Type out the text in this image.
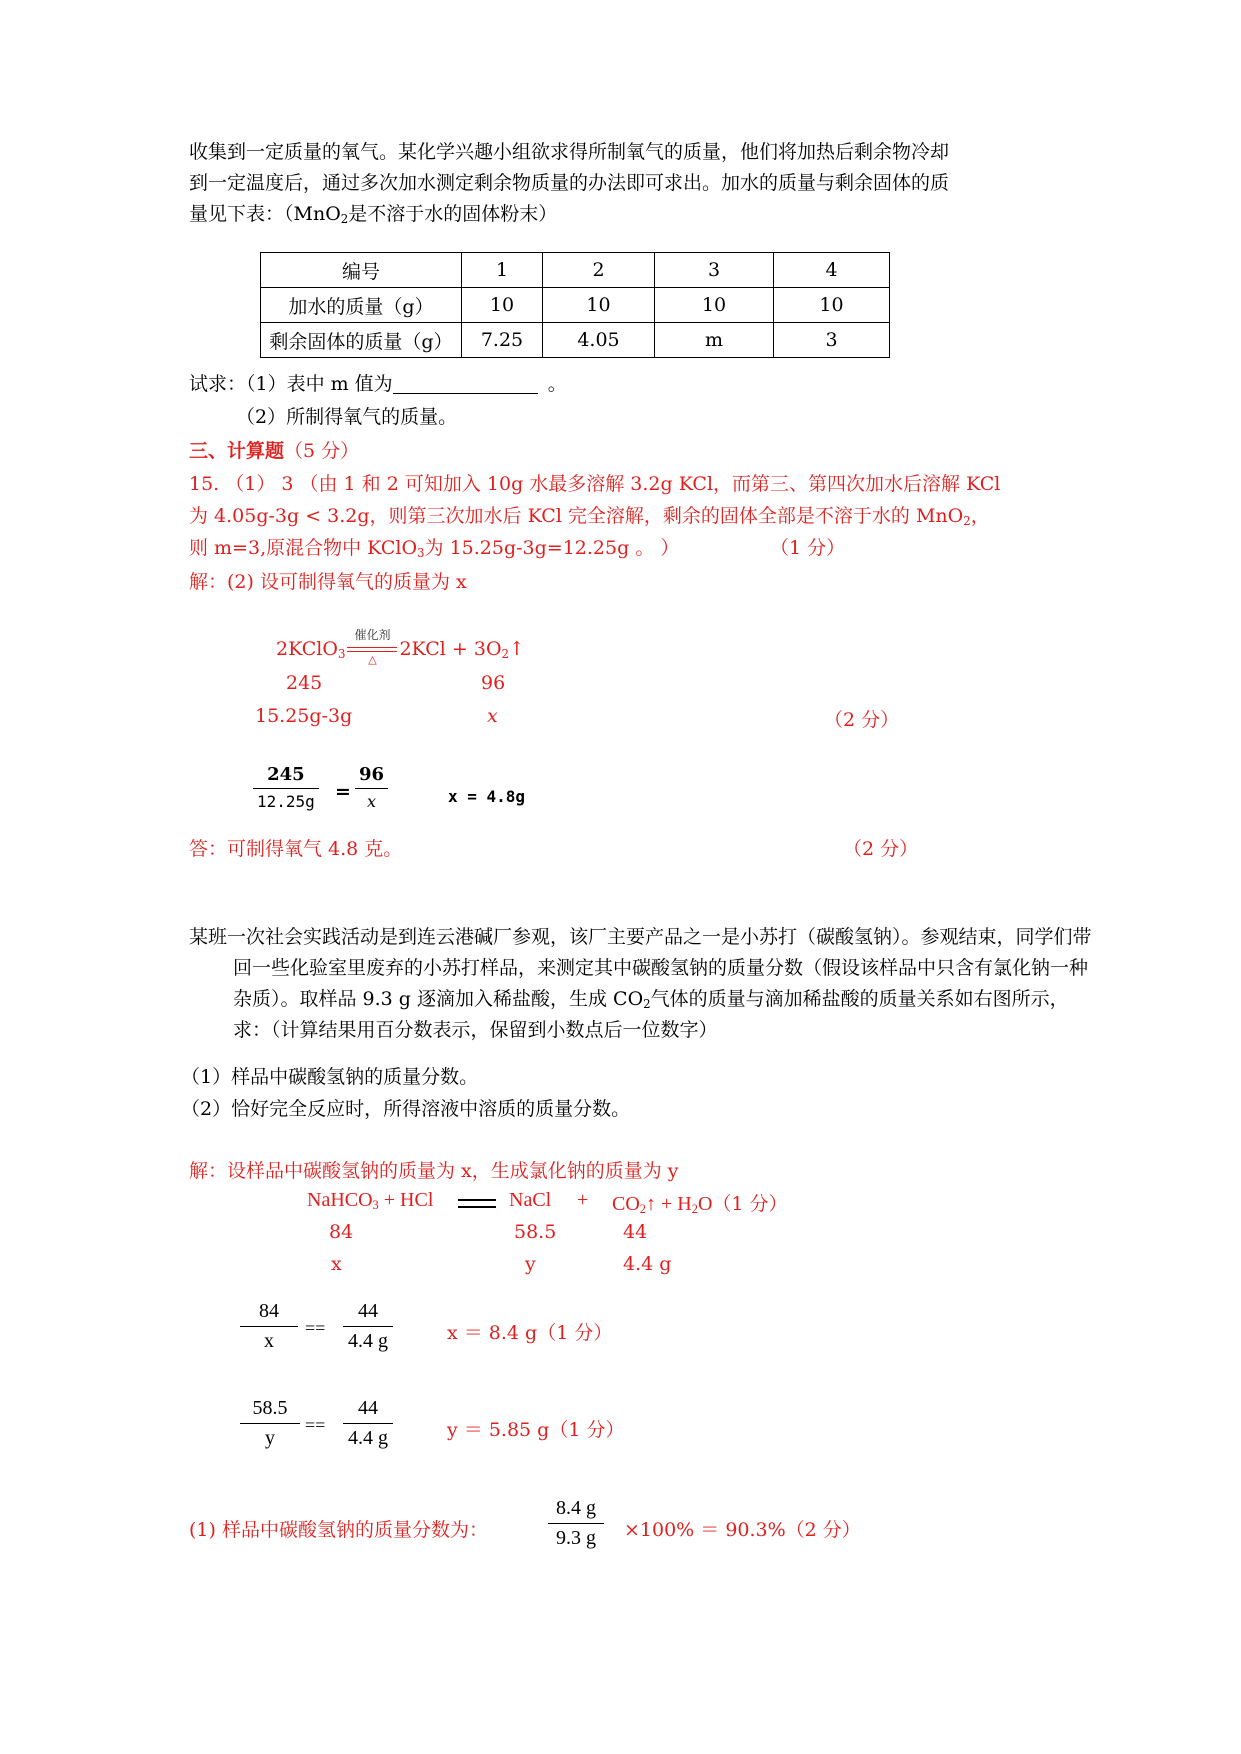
收集到一定质量的氧气。某化学兴趣小组欲求得所制氧气的质量，他们将加热后剩余物冷却
到一定温度后，通过多次加水测定剩余物质量的办法即可求出。加水的质量与剩余固体的质
量见下表：（MnO$_2$是不溶于水的固体粉末）
编号	1	2	3	4
加水的质量（g）	10	10	10	10
剩余固体的质量（g）	7.25	4.05	m	3
试求：（1）表中 m 值为	。
（2）所制得氧气的质量。
三、计算题（5 分）
15. （1） 3 （由 1 和 2 可知加入 10g 水最多溶解 3.2g KCl，而第三、第四次加水后溶解 KCl
为 4.05g-3g < 3.2g，则第三次加水后 KCl 完全溶解，剩余的固体全部是不溶于水的 MnO$_2$，
则 m=3,原混合物中 KClO$_3$为 15.25g-3g=12.25g 。 ）	（1 分）
解：(2) 设可制得氧气的质量为 x
2KClO$_3$
催化剂
△	$2KCl + 3O_2↑$
245	96
15.25g-3g	x	（2 分）
245
12.25g =
96
x	x = 4.8g
答：可制得氧气 4.8 克。	（2 分）
某班一次社会实践活动是到连云港碱厂参观，该厂主要产品之一是小苏打（碳酸氢钠）。参观结束，同学们带回一些化验室里废弃的小苏打样品，来测定其中碳酸氢钠的质量分数（假设该样品中只含有氯化钠一种杂质）。取样品 9.3 g 逐滴加入稀盐酸，生成 $CO_2$气体的质量与滴加稀盐酸的质量关系如右图所示，求：（计算结果用百分数表示，保留到小数点后一位数字）
（1）样品中碳酸氢钠的质量分数。
（2）恰好完全反应时，所得溶液中溶质的质量分数。
解：设样品中碳酸氢钠的质量为 x，生成氯化钠的质量为 y
NaHCO$_3$ + HCl	NaCl + $CO_2↑ + H_2O(1$ 分）
84	58.5	44
x	y	4.4 g
84
x
==
44
4.4 g	x ＝ 8.4 g（1 分）
58.5
y
==
44
4.4 g	y ＝ 5.85 g（1 分）
(1) 样品中碳酸氢钠的质量分数为：
8.4 g
9.3 g	×100% ＝ 90.3%（2 分）
